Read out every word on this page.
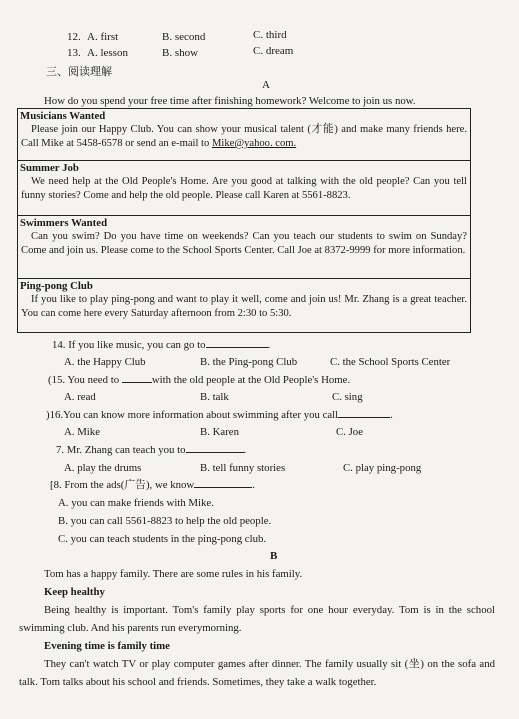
12. A. first	B. second	C. third
13. A. lesson	B. show	C. dream
三、阅读理解
A
How do you spend your free time after finishing homework? Welcome to join us now.
Musicians Wanted
Please join our Happy Club. You can show your musical talent (才能) and make many friends here. Call Mike at 5458-6578 or send an e-mail to Mike@yahoo. com.
Summer Job
We need help at the Old People's Home. Are you good at talking with the old people? Can you tell funny stories? Come and help the old people. Please call Karen at 5561-8823.
Swimmers Wanted
Can you swim? Do you have time on weekends? Can you teach our students to swim on Sunday? Come and join us. Please come to the School Sports Center. Call Joe at 8372-9999 for more information.
Ping-pong Club
If you like to play ping-pong and want to play it well, come and join us! Mr. Zhang is a great teacher. You can come here every Saturday afternoon from 2:30 to 5:30.
14. If you like music, you can go to	.
A. the Happy Club	B. the Ping-pong Club	C. the School Sports Center
(15. You need to	with the old people at the Old People's Home.
A. read	B. talk	C. sing
)16.You can know more information about swimming after you call	.
A. Mike	B. Karen	C. Joe
7. Mr. Zhang can teach you to	.
A. play the drums	B. tell funny stories	C. play ping-pong
[8. From the ads(广告), we know	.
A. you can make friends with Mike.
B. you can call 5561-8823 to help the old people.
C. you can teach students in the ping-pong club.
B
Tom has a happy family. There are some rules in his family.
Keep healthy
Being healthy is important. Tom's family play sports for one hour everyday. Tom is in the school swimming club. And his parents run everymorning.
Evening time is family time
They can't watch TV or play computer games after dinner. The family usually sit (坐) on the sofa and talk. Tom talks about his school and friends. Sometimes, they take a walk together.
